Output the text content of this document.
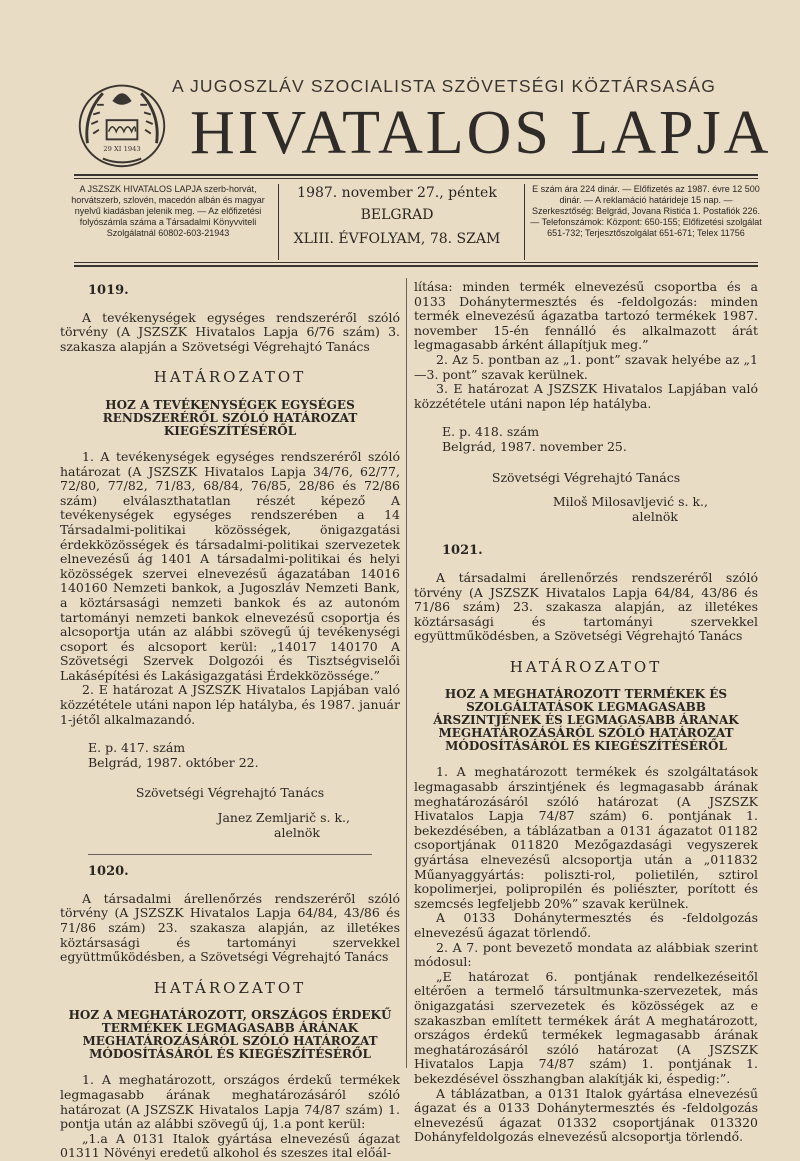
29 XI 1943
A JUGOSZLÁV SZOCIALISTA SZÖVETSÉGI KÖZTÁRSASÁG
HIVATALOS LAPJA
A JSZSZK HIVATALOS LAPJA szerb-horvát, horvátszerb, szlovén, macedón albán és magyar nyelvű kiadásban jelenik meg. — Az előfizetési folyószámla száma a Társadalmi Könyvviteli Szolgálatnál 60802-603-21943
1987. november 27., péntek
BELGRAD
XLIII. ÉVFOLYAM, 78. SZAM
E szám ára 224 dinár. — Előfizetés az 1987. évre 12 500 dinár. — A reklamáció határideje 15 nap. — Szerkesztőség: Belgrád, Jovana Ristića 1. Postafiók 226. — Telefonszámok: Központ: 650-155; Előfizetési szolgálat 651-732; Terjesztőszolgálat 651-671; Telex 11756
1019.

A tevékenységek egységes rendszeréről szóló törvény (A JSZSZK Hivatalos Lapja 6/76 szám) 3. szakasza alapján a Szövetségi Végrehajtó Tanács

HATÁROZATOT
HOZ A TEVÉKENYSÉGEK EGYSÉGES RENDSZERÉRŐL SZÓLÓ HATÁROZAT KIEGÉSZÍTÉSÉRŐL

1. A tevékenységek egységes rendszeréről szóló határozat (A JSZSZK Hivatalos Lapja 34/76, 62/77, 72/80, 77/82, 71/83, 68/84, 76/85, 28/86 és 72/86 szám) elválaszthatatlan részét képező A tevékenységek egységes rendszerében a 14 Társadalmi-politikai közösségek, önigazgatási érdekközösségek és társadalmi-politikai szervezetek elnevezésű ág 1401 A társadalmi-politikai és helyi közösségek szervei elnevezésű ágazatában 14016 140160 Nemzeti bankok, a Jugoszláv Nemzeti Bank, a köztársasági nemzeti bankok és az autonóm tartományi nemzeti bankok elnevezésű csoportja és alcsoportja után az alábbi szövegű új tevékenységi csoport és alcsoport kerül: „14017 140170 A Szövetségi Szervek Dolgozói és Tisztségviselői Lakásépítési és Lakásigazgatási Érdekközössége.”

2. E határozat A JSZSZK Hivatalos Lapjában való közzététele utáni napon lép hatályba, és 1987. január 1-jétől alkalmazandó.

E. p. 417. szám
Belgrád, 1987. október 22.
Szövetségi Végrehajtó Tanács
Janez Zemljarič s. k.,
alelnök
1020.

A társadalmi árellenőrzés rendszeréről szóló törvény (A JSZSZK Hivatalos Lapja 64/84, 43/86 és 71/86 szám) 23. szakasza alapján, az illetékes köztársasági és tartományi szervekkel együttműködésben, a Szövetségi Végrehajtó Tanács

HATÁROZATOT
HOZ A MEGHATÁROZOTT, ORSZÁGOS ÉRDEKŰ TERMÉKEK LEGMAGASABB ÁRÁNAK MEGHATÁROZÁSÁRÓL SZÓLÓ HATÁROZAT MÓDOSÍTÁSÁRÓL ÉS KIEGÉSZÍTÉSÉRŐL

1. A meghatározott, országos érdekű termékek legmagasabb árának meghatározásáról szóló határozat (A JSZSZK Hivatalos Lapja 74/87 szám) 1. pontja után az alábbi szövegű új, 1.a pont kerül:

„1.a A 0131 Italok gyártása elnevezésű ágazat 01311 Növényi eredetű alkohol és szeszes ital előál-

lítása: minden termék elnevezésű csoportba és a 0133 Dohánytermesztés és -feldolgozás: minden termék elnevezésű ágazatba tartozó termékek 1987. november 15-én fennálló és alkalmazott árát legmagasabb árként állapítjuk meg.”

2. Az 5. pontban az „1. pont” szavak helyébe az „1—3. pont” szavak kerülnek.

3. E határozat A JSZSZK Hivatalos Lapjában való közzététele utáni napon lép hatályba.

E. p. 418. szám
Belgrád, 1987. november 25.
Szövetségi Végrehajtó Tanács
Miloš Milosavljević s. k.,
alelnök
1021.

A társadalmi árellenőrzés rendszeréről szóló törvény (A JSZSZK Hivatalos Lapja 64/84, 43/86 és 71/86 szám) 23. szakasza alapján, az illetékes köztársasági és tartományi szervekkel együttműködésben, a Szövetségi Végrehajtó Tanács

HATÁROZATOT
HOZ A MEGHATÁROZOTT TERMÉKEK ÉS SZOLGÁLTATÁSOK LEGMAGASABB ÁRSZINTJÉNEK ÉS LEGMAGASABB ÁRANAK MEGHATÁROZÁSÁRÓL SZÓLÓ HATÁROZAT MÓDOSÍTÁSÁRÓL ÉS KIEGÉSZÍTÉSÉRŐL

1. A meghatározott termékek és szolgáltatások legmagasabb árszintjének és legmagasabb árának meghatározásáról szóló határozat (A JSZSZK Hivatalos Lapja 74/87 szám) 6. pontjának 1. bekezdésében, a táblázatban a 0131 ágazatot 01182 csoportjának 011820 Mezőgazdasági vegyszerek gyártása elnevezésű alcsoportja után a „011832 Műanyaggyártás: poliszti-rol, polietilén, sztirol kopolimerjei, polipropilén és poliészter, porított és szemcsés legfeljebb 20%” szavak kerülnek.

A 0133 Dohánytermesztés és -feldolgozás elnevezésű ágazat törlendő.

2. A 7. pont bevezető mondata az alábbiak szerint módosul:

„E határozat 6. pontjának rendelkezéseitől eltérően a termelő társultmunka-szervezetek, más önigazgatási szervezetek és közösségek az e szakaszban említett termékek árát A meghatározott, országos érdekű termékek legmagasabb árának meghatározásáról szóló határozat (A JSZSZK Hivatalos Lapja 74/87 szám) 1. pontjának 1. bekezdésével összhangban alakítják ki, éspedig:”.

A táblázatban, a 0131 Italok gyártása elnevezésű ágazat és a 0133 Dohánytermesztés és -feldolgozás elnevezésű ágazat 01332 csoportjának 013320 Dohányfeldolgozás elnevezésű alcsoportja törlendő.
